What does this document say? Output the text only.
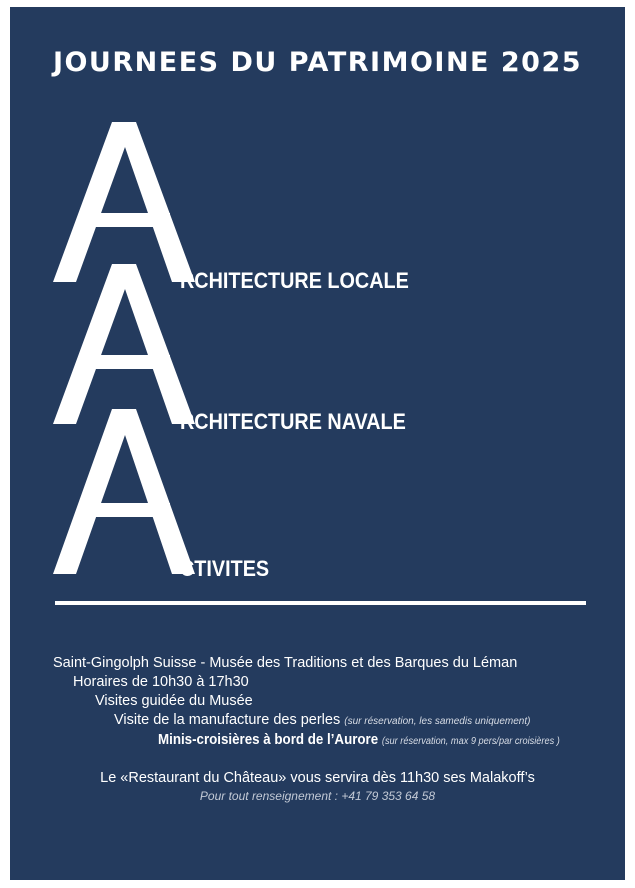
JOURNEES DU PATRIMOINE 2025
RCHITECTURE LOCALE
RCHITECTURE NAVALE
CTIVITES
Saint-Gingolph Suisse - Musée des Traditions et des Barques du Léman
Horaires de 10h30 à 17h30
Visites guidée du Musée
Visite de la manufacture des perles (sur réservation, les samedis uniquement)
Minis-croisières à bord de l’Aurore (sur réservation, max 9 pers/par croisières )
Le «Restaurant du Château» vous servira dès 11h30 ses Malakoff’s
Pour tout renseignement : +41 79 353 64 58
